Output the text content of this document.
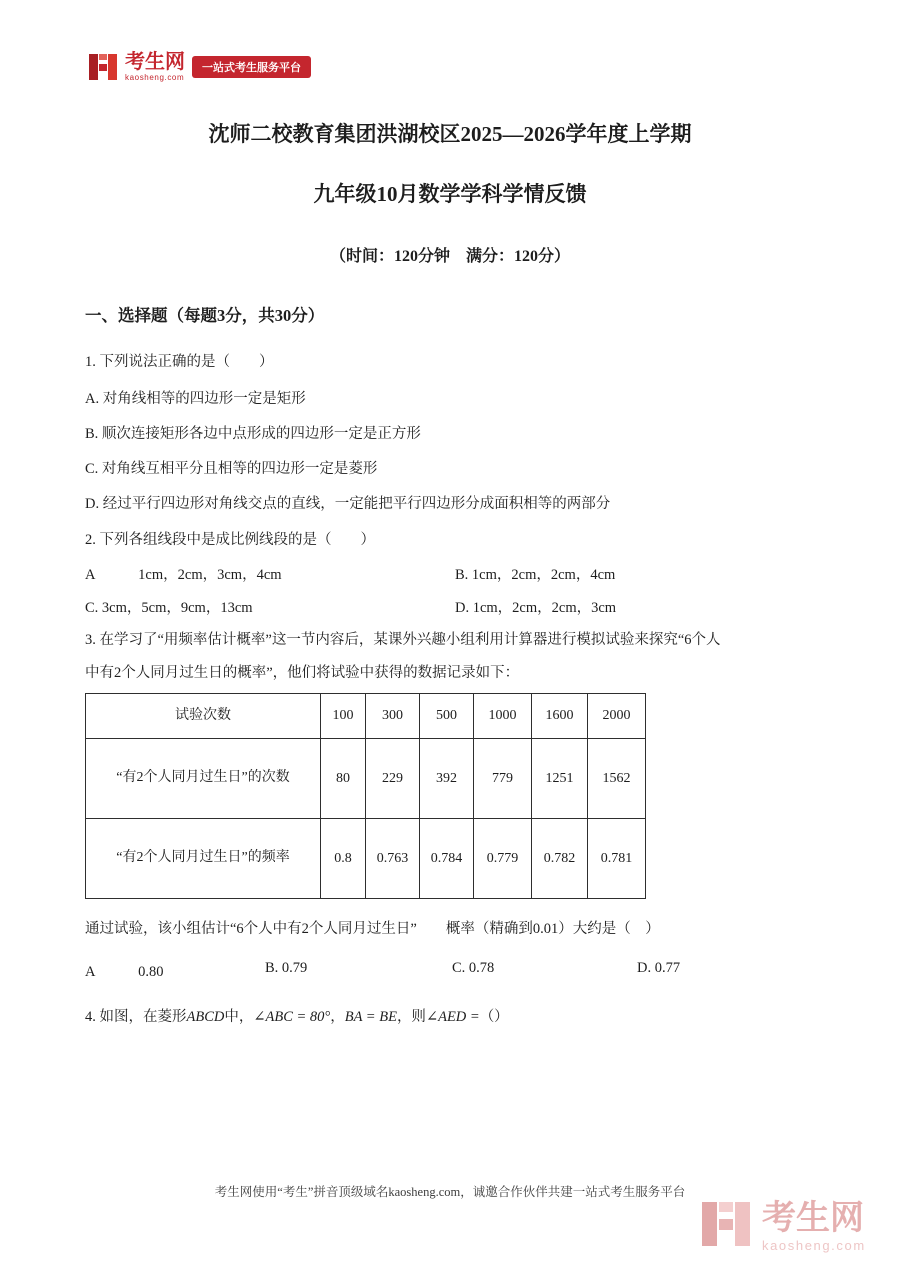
考生网
kaosheng.com
一站式考生服务平台
沈师二校教育集团洪湖校区2025—2026学年度上学期
九年级10月数学学科学情反馈
（时间：120分钟　满分：120分）
一、选择题（每题3分，共30分）
1. 下列说法正确的是（　　）
A. 对角线相等的四边形一定是矩形
B. 顺次连接矩形各边中点形成的四边形一定是正方形
C. 对角线互相平分且相等的四边形一定是菱形
D. 经过平行四边形对角线交点的直线，一定能把平行四边形分成面积相等的两部分
2. 下列各组线段中是成比例线段的是（　　）
A　　　1cm，2cm，3cm，4cm	B. 1cm，2cm，2cm，4cm
C. 3cm，5cm，9cm，13cm	D. 1cm，2cm，2cm，3cm
3. 在学习了“用频率估计概率”这一节内容后，某课外兴趣小组利用计算器进行模拟试验来探究“6个人
中有2个人同月过生日的概率”，他们将试验中获得的数据记录如下：
试验次数	100	300	500	1000	1600	2000
“有2个人同月过生日”的次数	80	229	392	779	1251	1562
“有2个人同月过生日”的频率	0.8	0.763	0.784	0.779	0.782	0.781
通过试验，该小组估计“6个人中有2个人同月过生日”　　概率（精确到0.01）大约是（　）
A　　　0.80	B. 0.79	C. 0.78	D. 0.77
4. 如图，在菱形ABCD中，∠ABC = 80°，BA = BE，则∠AED =（）
考生网使用“考生”拼音顶级域名kaosheng.com，诚邀合作伙伴共建一站式考生服务平台
考生网
kaosheng.com
